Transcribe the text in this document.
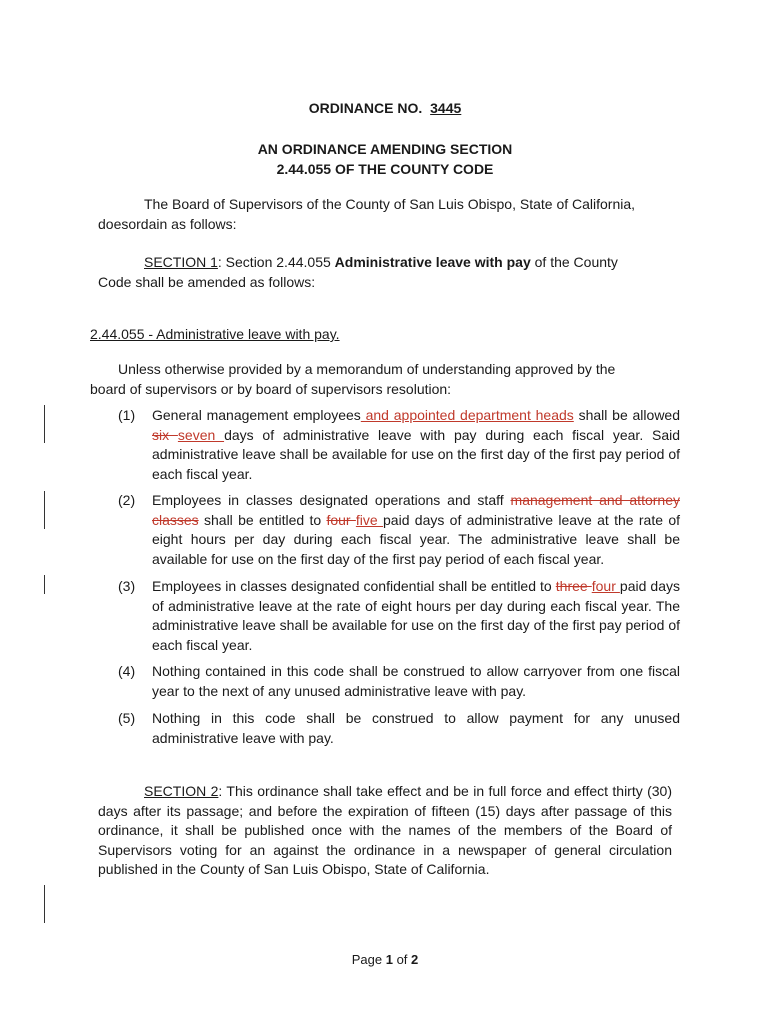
ORDINANCE NO. 3445
AN ORDINANCE AMENDING SECTION
2.44.055 OF THE COUNTY CODE
The Board of Supervisors of the County of San Luis Obispo, State of California, doesordain as follows:
SECTION 1: Section 2.44.055 Administrative leave with pay of the County Code shall be amended as follows:
2.44.055 - Administrative leave with pay.
Unless otherwise provided by a memorandum of understanding approved by the board of supervisors or by board of supervisors resolution:
(1) General management employees and appointed department heads shall be allowed six seven days of administrative leave with pay during each fiscal year. Said administrative leave shall be available for use on the first day of the first pay period of each fiscal year.
(2) Employees in classes designated operations and staff management and attorney classes shall be entitled to four five paid days of administrative leave at the rate of eight hours per day during each fiscal year. The administrative leave shall be available for use on the first day of the first pay period of each fiscal year.
(3) Employees in classes designated confidential shall be entitled to three four paid days of administrative leave at the rate of eight hours per day during each fiscal year. The administrative leave shall be available for use on the first day of the first pay period of each fiscal year.
(4) Nothing contained in this code shall be construed to allow carryover from one fiscal year to the next of any unused administrative leave with pay.
(5) Nothing in this code shall be construed to allow payment for any unused administrative leave with pay.
SECTION 2: This ordinance shall take effect and be in full force and effect thirty (30) days after its passage; and before the expiration of fifteen (15) days after passage of this ordinance, it shall be published once with the names of the members of the Board of Supervisors voting for an against the ordinance in a newspaper of general circulation published in the County of San Luis Obispo, State of California.
Page 1 of 2
